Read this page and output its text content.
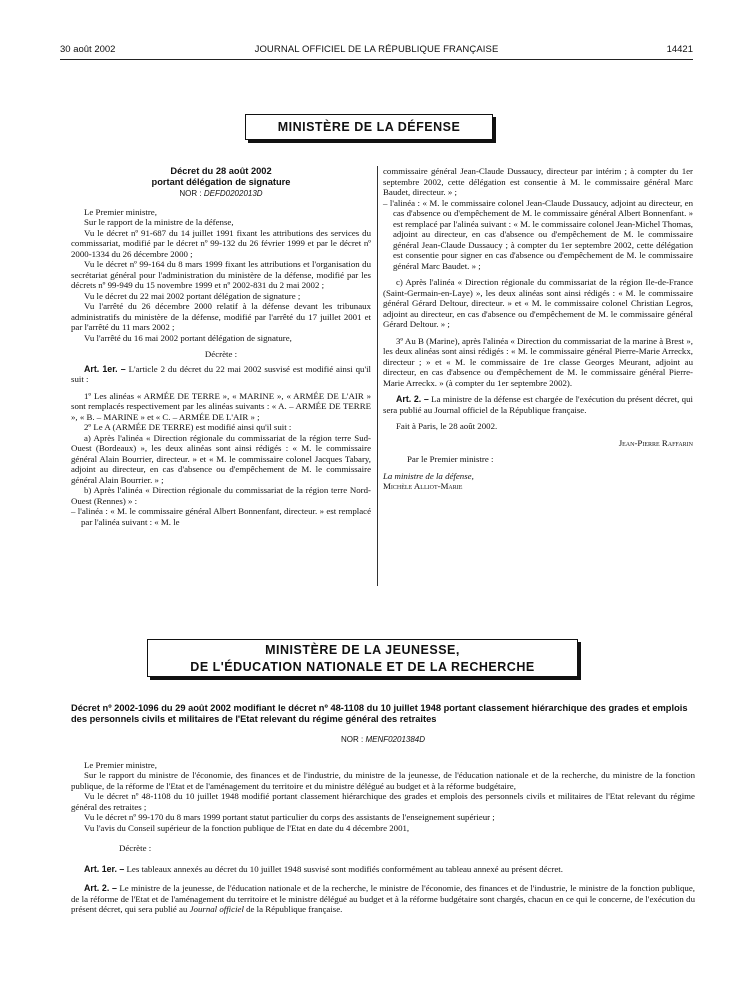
30 août 2002	JOURNAL OFFICIEL DE LA RÉPUBLIQUE FRANÇAISE	14421
MINISTÈRE DE LA DÉFENSE
Décret du 28 août 2002
portant délégation de signature
NOR : DEFD0202013D

Le Premier ministre,

Sur le rapport de la ministre de la défense,

Vu le décret nº 91-687 du 14 juillet 1991 fixant les attributions des services du commissariat, modifié par le décret nº 99-132 du 26 février 1999 et par le décret nº 2000-1334 du 26 décembre 2000 ;

Vu le décret nº 99-164 du 8 mars 1999 fixant les attributions et l'organisation du secrétariat général pour l'administration du ministère de la défense, modifié par les décrets nº 99-949 du 15 novembre 1999 et nº 2002-831 du 2 mai 2002 ;

Vu le décret du 22 mai 2002 portant délégation de signature ;

Vu l'arrêté du 26 décembre 2000 relatif à la défense devant les tribunaux administratifs du ministère de la défense, modifié par l'arrêté du 17 juillet 2001 et par l'arrêté du 11 mars 2002 ;

Vu l'arrêté du 16 mai 2002 portant délégation de signature,

Décrète :

Art. 1er. – L'article 2 du décret du 22 mai 2002 susvisé est modifié ainsi qu'il suit :

1º Les alinéas « ARMÉE DE TERRE », « MARINE », « ARMÉE DE L'AIR » sont remplacés respectivement par les alinéas suivants : « A. – ARMÉE DE TERRE », « B. – MARINE » et « C. – ARMÉE DE L'AIR » ;

2º Le A (ARMÉE DE TERRE) est modifié ainsi qu'il suit :

a) Après l'alinéa « Direction régionale du commissariat de la région terre Sud-Ouest (Bordeaux) », les deux alinéas sont ainsi rédigés : « M. le commissaire général Alain Bourrier, directeur. » et « M. le commissaire colonel Jacques Tabary, adjoint au directeur, en cas d'absence ou d'empêchement de M. le commissaire général Alain Bourrier. » ;

b) Après l'alinéa « Direction régionale du commissariat de la région terre Nord-Ouest (Rennes) » :

– l'alinéa : « M. le commissaire général Albert Bonnenfant, directeur. » est remplacé par l'alinéa suivant : « M. le

commissaire général Jean-Claude Dussaucy, directeur par intérim ; à compter du 1er septembre 2002, cette délégation est consentie à M. le commissaire général Marc Baudet, directeur. » ;

– l'alinéa : « M. le commissaire colonel Jean-Claude Dussaucy, adjoint au directeur, en cas d'absence ou d'empêchement de M. le commissaire général Albert Bonnenfant. » est remplacé par l'alinéa suivant : « M. le commissaire colonel Jean-Michel Thomas, adjoint au directeur, en cas d'absence ou d'empêchement de M. le commissaire général Jean-Claude Dussaucy ; à compter du 1er septembre 2002, cette délégation est consentie pour signer en cas d'absence ou d'empêchement de M. le commissaire général Marc Baudet. » ;

c) Après l'alinéa « Direction régionale du commissariat de la région Ile-de-France (Saint-Germain-en-Laye) », les deux alinéas sont ainsi rédigés : « M. le commissaire général Gérard Deltour, directeur. » et « M. le commissaire colonel Christian Legros, adjoint au directeur, en cas d'absence ou d'empêchement de M. le commissaire général Gérard Deltour. » ;

3º Au B (Marine), après l'alinéa « Direction du commissariat de la marine à Brest », les deux alinéas sont ainsi rédigés : « M. le commissaire général Pierre-Marie Arreckx, directeur ; » et « M. le commissaire de 1re classe Georges Meurant, adjoint au directeur, en cas d'absence ou d'empêchement de M. le commissaire général Pierre-Marie Arreckx. » (à compter du 1er septembre 2002).

Art. 2. – La ministre de la défense est chargée de l'exécution du présent décret, qui sera publié au Journal officiel de la République française.

Fait à Paris, le 28 août 2002.

Jean-Pierre Raffarin

Par le Premier ministre :

La ministre de la défense,
Michèle Alliot-Marie
MINISTÈRE DE LA JEUNESSE,
DE L'ÉDUCATION NATIONALE ET DE LA RECHERCHE
Décret nº 2002-1096 du 29 août 2002 modifiant le décret nº 48-1108 du 10 juillet 1948 portant classement hiérarchique des grades et emplois des personnels civils et militaires de l'Etat relevant du régime général des retraites
NOR : MENF0201384D

Le Premier ministre,

Sur le rapport du ministre de l'économie, des finances et de l'industrie, du ministre de la jeunesse, de l'éducation nationale et de la recherche, du ministre de la fonction publique, de la réforme de l'Etat et de l'aménagement du territoire et du ministre délégué au budget et à la réforme budgétaire,

Vu le décret nº 48-1108 du 10 juillet 1948 modifié portant classement hiérarchique des grades et emplois des personnels civils et militaires de l'Etat relevant du régime général des retraites ;

Vu le décret nº 99-170 du 8 mars 1999 portant statut particulier du corps des assistants de l'enseignement supérieur ;

Vu l'avis du Conseil supérieur de la fonction publique de l'Etat en date du 4 décembre 2001,

Décrète :

Art. 1er. – Les tableaux annexés au décret du 10 juillet 1948 susvisé sont modifiés conformément au tableau annexé au présent décret.

Art. 2. – Le ministre de la jeunesse, de l'éducation nationale et de la recherche, le ministre de l'économie, des finances et de l'industrie, le ministre de la fonction publique, de la réforme de l'Etat et de l'aménagement du territoire et le ministre délégué au budget et à la réforme budgétaire sont chargés, chacun en ce qui le concerne, de l'exécution du présent décret, qui sera publié au Journal officiel de la République française.
